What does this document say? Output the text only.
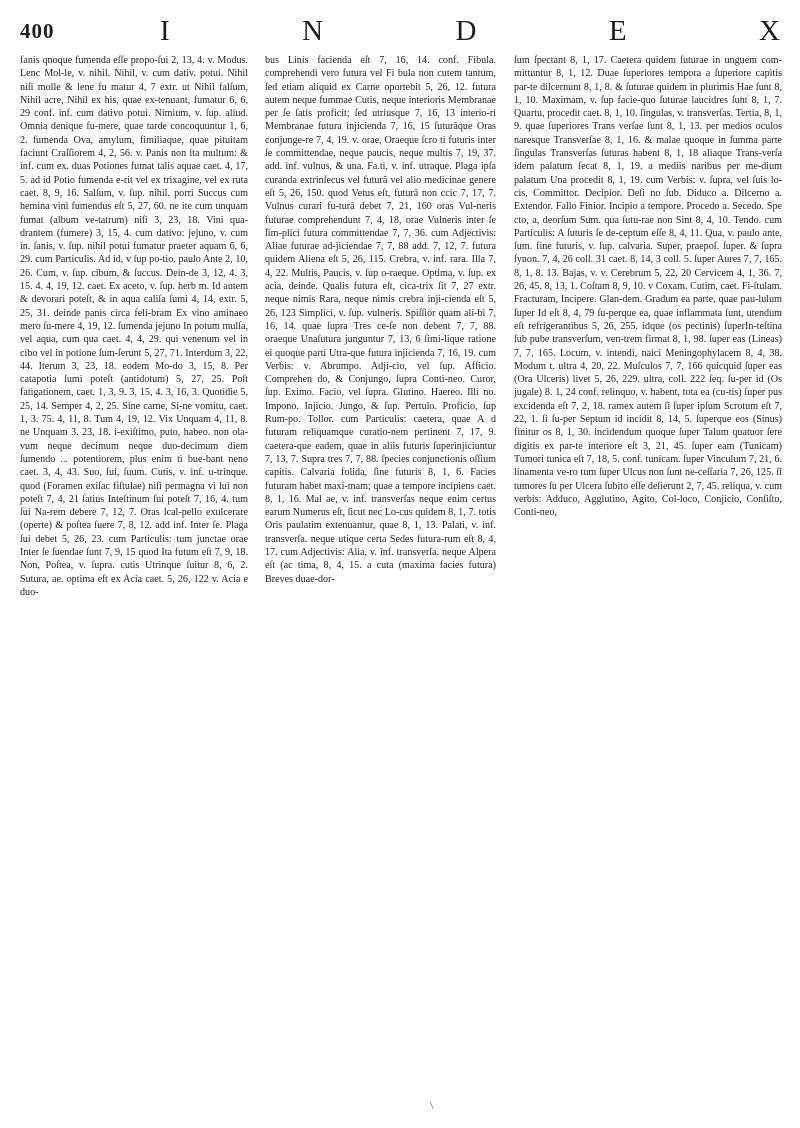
400	I	N	D	E	X

fanis qnoque fumenda eſſe propo-ſui 2, 13, 4. v. Modus. Lenc Mol-le, v. nihil. Nihil, v. cum dativ. potui. Nihil niſi molle & lene fu matur 4, 7 extr. ut Nihil falſum, Nihil acre, Nihil ex his, quae ex-tenuant, fumatur 6, 6, 29 conf. inf. cum dativo potui. Nimium, v. ſup. aliud. Omnia denique fu-mere, quae tarde concoquuntur 1, 6, 2. ſumenda Ova, amylum, fimiliaque, quae pituitam faciunt Craſſiorem 4, 2, 56. v. Panis non ita multum: & inf. cum ex. duas Potiones fumat talis aquae caet. 4, 17, 5. ad id Potio fumenda e-rit vel ex trixagine, vel ex ruta caet. 8, 9, 16. Salſum, v. ſup. nihil. porri Succus cum hemina vini fumendus eſt 5, 27, 60. ne ite cum unquam fumat (album ve-tatrum) niſi 3, 23, 18. Vini qua-drantem (fumere) 3, 15, 4. cum dativo: jejuno, v. cum in. ſanis, v. ſup. nihil potui fumatur praeter aquam 6, 6, 29. cum Particulis. Ad id, v ſup po-tio. paulo Ante 2, 10, 26. Cum, v. ſup. cibum, & ſuccus. Dein-de 3, 12, 4. 3, 15. 4. 4, 19, 12. caet. Ex aceto, v. ſup. herb m. Id autem & devorari poteſt, & in aqua caliſa ſumi 4, 14, extr. 5, 25, 31. deinde panis circa feli-bram Ex vino aminaeo mero ſu-mere 4, 19, 12. ſumenda jejuno In potum mulſa, vel aqua, cum qua caet. 4, 4, 29. qui venenum vel in cibo vel in potione ſum-ſerunt 5, 27, 71. Interdum 3, 22, 44. Iterum 3, 23, 18. eodem Mo-do 3, 15, 8. Per catapotia ſumi poteſt (antidotum) 5, 27, 25. Poſt fatigationem, caet. 1, 3, 9. 3, 15, 4. 3, 16, 3. Quotidie 5, 25, 14. Semper 4, 2, 25. Sine carne, Si-ne vomitu, caet. 1, 3. 75. 4, 11, 8. Tum 4, 19, 12. Vix Unquam 4, 11, 8. ne Unquam 3. 23, 18. i-exiſtimo, puto, habeo. non ola-vum neque decimum neque duo-decimum diem ſumendo ... potentiorem, plus enim ti bue-bant neno caet. 3, 4, 43. Suo, ſui, ſuum. Cutis, v. inf. u-trinque. quod (Foramen exiſac fiſtulae) niſi permagna vi lui non poteſt 7, 4, 21 ſatius Inteſtinum ſui poteſt 7, 16, 4. tum ſui Na-rem debere 7, 12, 7. Oras lcal-pello exulcerare (operte) & poſtea ſuere 7, 8, 12. add inf. Inter ſe. Plaga ſui debet 5, 26, 23. cum Particulis: tum junctae orae Inter ſe ſuendae ſunt 7, 9, 15 quod Ita futum eſt 7, 9, 18. Non, Poſtea, v. ſupra. cutis Utrinque ſuitur 8, 6, 2. Sutura, ae. optima eſt ex Acia caet. 5, 26, 122 v. Acia e duo-

bus Linis facienda eſt 7, 16, 14. conf. Fibula. comprehendi vero futura vel Fi bula non cutem tantum, ſed etiam aliquid ex Carne oportebit 5, 26, 12. futura autem neque fummae Cutis, neque interioris Membranae per ſe ſatis proficit; ſed utriusque 7, 16, 13 interio-ri Membranae futura injicienda 7, 16, 15 ſuturâque Oras conjunge-re 7, 4, 19. v. orae, Oraeque ſcro ti futuris inter ſe committendae, neque paucis, neque multis 7, 19, 37. add. inf. vulnus, & una. Fa.ti, v. inf. utraque. Plaga ipſa curanda extrinſecus vel futurâ vel alio medicinae genere eſt 5, 26, 150. quod Vetus eſt, futurâ non ccic 7, 17, 7. Vulnus curari fu-turâ debet 7, 21, 160 oras Vul-neris futurae comprehendunt 7, 4, 18, orae Vulneris inter ſe ſim-plici futura committendae 7, 7, 36. cum Adjectivis: Aliae futurae ad-jiciendae 7, 7, 88 add. 7, 12, 7. futura quidem Aliena eſt 5, 26, 115. Crebra, v. inf. rara. Illa 7, 4, 22. Multis, Paucis, v. ſup o-raeque. Optima, v. ſup. ex acia, deinde. Qualis futura eſt, cica-trix ſit 7, 27 extr. neque nimis Rara, neque nimis crebra inji-cienda eſt 5, 26, 123 Simplici, v. ſup. vulneris. Spiſſior quam ali-bi 7, 16, 14. quae ſupra Tres ce-ſe non debent 7, 7, 88. oraeque Unaſutura junguntur 7, 13, 6 ſimi-lique ratione ei quoque parti Utra-que futura injicienda 7, 16, 19. cum Verbis: v. Abrumpo. Adji-cio, vel ſup. Afficio. Comprehen do, & Conjungo, ſupra Conti-neo. Curor, ſup. Eximo. Facio, vel ſupra. Glutino. Haereo. Illi no. Impono. Injicio. Jungo, & ſup. Pertulo. Proficio, ſup Rum-po. Tollor. cum Particulis: caetera, quae A d futuram reliquamque curatio-nem pertinent 7, 17, 9. caetera-que eadem, quae in aliis futuris ſuperinjiciuntur 7, 13, 7. Supra tres 7, 7, 88. ſpecies conjunctionis oſſium capitis. Calvaria folida, ſine futuris 8, 1, 6. Facies futuram habet maxi-mam; quae a tempore incipiens caet. 8, 1, 16. Mal ae, v. inf. transverſas neque enim certus earum Numerus eſt, ſicut nec Lo-cus quidem 8, 1, 7. totis Oris paulatim extenuantur, quae 8, 1, 13. Palati, v. inf. transverſa. neque utique certa Sedes futura-rum eſt 8, 4, 17. cum Adjectivis: Alia, v. inf. transverſa. neque Alpera eſt (ac tima, 8, 4, 15. a cuta (maxima facies futura) Breves duae-dor-

ſum ſpectant 8, 1, 17. Caetera quidem ſuturae in unguem com-mittuntur 8, 1, 12. Duae ſuperiores tempora a ſuperiore capitis par-te dilcernunt 8, 1, 8. & ſuturae quidem in plurimis Hae ſunt 8, 1, 10. Maximam, v. ſup facie-quo ſuturae laucidres ſunt 8, 1, 7. Quartu, procedit caet. 8, 1, 10. ſingulas, v. transverſas. Tertia, 8, 1, 9. quae ſuperiores Trans verſae ſunt 8, 1, 13. per medios oculos naresque Transverſae 8, 1, 16. & malae quoque in ſumma parte ſingulas Transverſas ſuturas habent 8, 1, 18 aliaque Trans-verſa idem palatum ſecat 8, 1, 19. a mediis naribus per me-dium palatum Una procedit 8, 1, 19. cum Verbis: v. ſupra, vel ſuis lo-cis, Committor. Decipior. Deſi no ſub. Diduco a. Dilcerno a. Extendor. Fallo Finior. Incipio a tempore. Procedo a. Secedo. Spe cto, a, deorſum Sum. qua ſutu-rae non Sint 8, 4, 10. Tendo. cum Particulis: A ſuturis ſe de-ceptum eſſe 8, 4, 11. Qua, v. paulo ante, ſum. fine futuris, v. ſup. calvaria. Super, praepoſ. ſuper. & ſupra ſynon. 7, 4, 26 coll. 31 caet. 8, 14, 3 coll. 5. ſuper Aures 7, 7, 165. 8, 1, 8. 13. Bajas, v. v. Cerebrum 5, 22, 20 Cervicem 4, 1, 36. 7, 26, 45. 8, 13, 1. Coſtam 8, 9, 10. v Coxam. Cutim, caet. Fi-ſtulam. Fracturam, Incipere. Glan-dem. Gradum ea parte, quae pau-lulum ſuper Id eſt 8, 4, 79 ſu-perque ea, quae inflammata ſunt, utendum eſt refrigerantibus 5, 26, 255. idque (os pectinis) ſuperIn-teſtina ſub pube transverſum, ven-trem firmat 8, 1, 98. ſuper eas (Lineas) 7, 7, 165. Locum, v. intendi, naici Meningophylacem 8, 4, 38. Modum t. ultra 4, 20, 22. Muſculos 7, 7, 166 quicquid ſuper eas (Ora Ulceris) livet 5, 26, 229. ultra, coll. 222 ſeq. ſu-per id (Os jugale) 8. 1, 24 conf. relinquo, v. habent, tota ea (cu-tis) ſuper pus excidenda eſt 7, 2, 18. ramex autem ſi ſuper ipſum Scrotum eſt 7, 22, 1. ſi ſu-per Septum id incidit 8, 14, 5. ſuperque eos (Sinus) finitur os 8, 1, 30. incidendum quoque ſuper Talum quatuor ſere digitis ex par-te interiore eſt 3, 21, 45. ſuper eam (Tunicam) Tumori tunica eſt 7, 18, 5. conf. tunicam. ſuper Vinculum 7, 21, 6. linamenta ve-ro tum ſuper Ulcus non ſunt ne-ceſſaria 7, 26, 125. ſi tumores ſu per Ulcera ſubito eſſe deſierunt 2, 7, 45. reliqua, v. cum verbis: Adduco, Agglutino, Agito, Col-loco, Conjicio, Conſiſto, Conti-neo,

\
